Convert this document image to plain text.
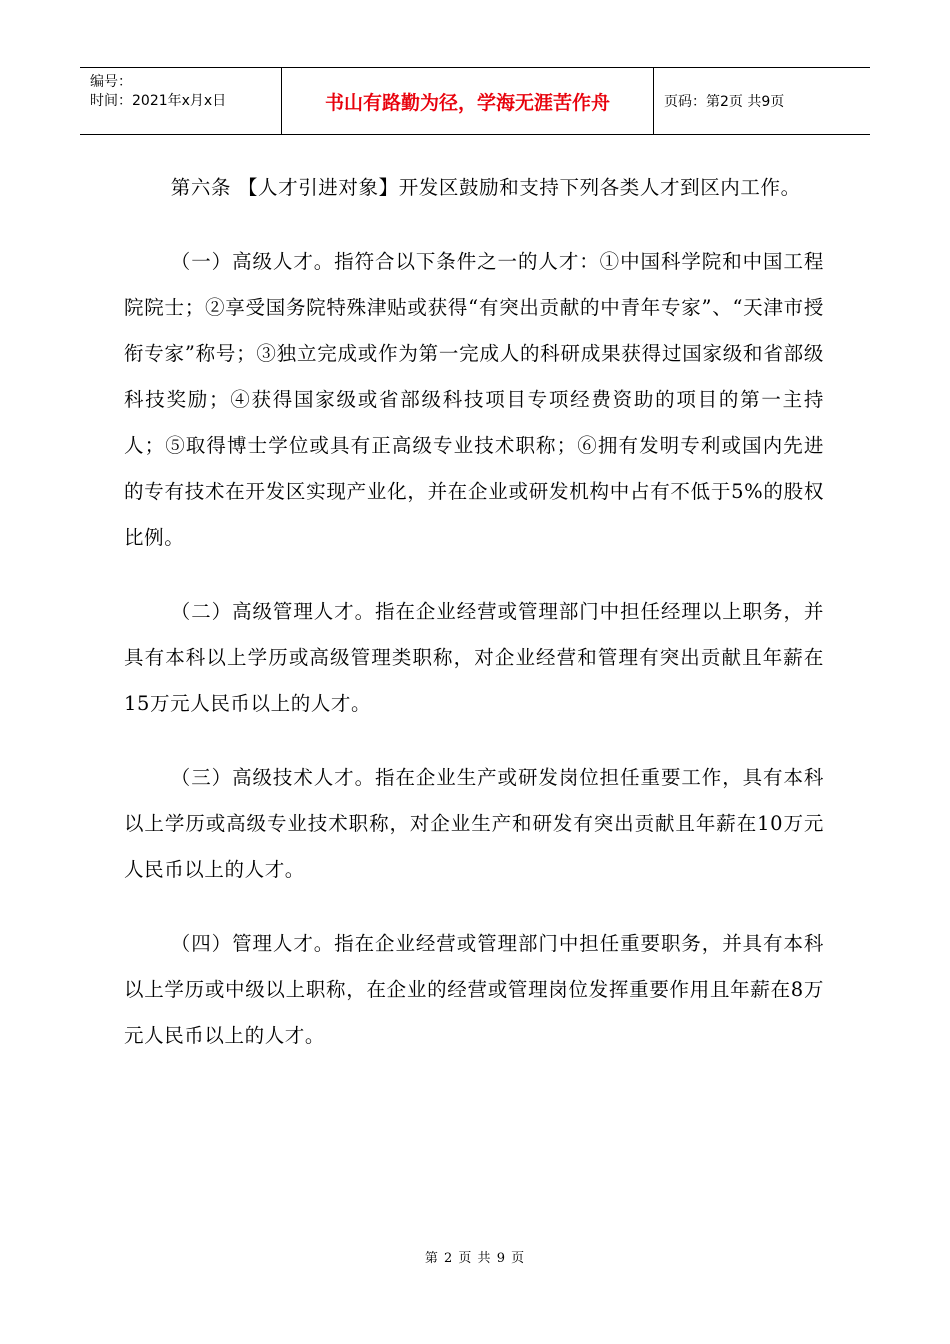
编号：
时间：2021年x月x日	书山有路勤为径，学海无涯苦作舟	页码：第2页 共9页

第六条 【人才引进对象】开发区鼓励和支持下列各类人才到区内工作。

（一）高级人才。指符合以下条件之一的人才：①中国科学院和中国工程院院士；②享受国务院特殊津贴或获得“有突出贡献的中青年专家”、“天津市授衔专家”称号；③独立完成或作为第一完成人的科研成果获得过国家级和省部级科技奖励；④获得国家级或省部级科技项目专项经费资助的项目的第一主持人；⑤取得博士学位或具有正高级专业技术职称；⑥拥有发明专利或国内先进的专有技术在开发区实现产业化，并在企业或研发机构中占有不低于5%的股权比例。

（二）高级管理人才。指在企业经营或管理部门中担任经理以上职务，并具有本科以上学历或高级管理类职称，对企业经营和管理有突出贡献且年薪在15万元人民币以上的人才。

（三）高级技术人才。指在企业生产或研发岗位担任重要工作，具有本科以上学历或高级专业技术职称，对企业生产和研发有突出贡献且年薪在10万元人民币以上的人才。

（四）管理人才。指在企业经营或管理部门中担任重要职务，并具有本科以上学历或中级以上职称，在企业的经营或管理岗位发挥重要作用且年薪在8万元人民币以上的人才。

第 2 页 共 9 页
